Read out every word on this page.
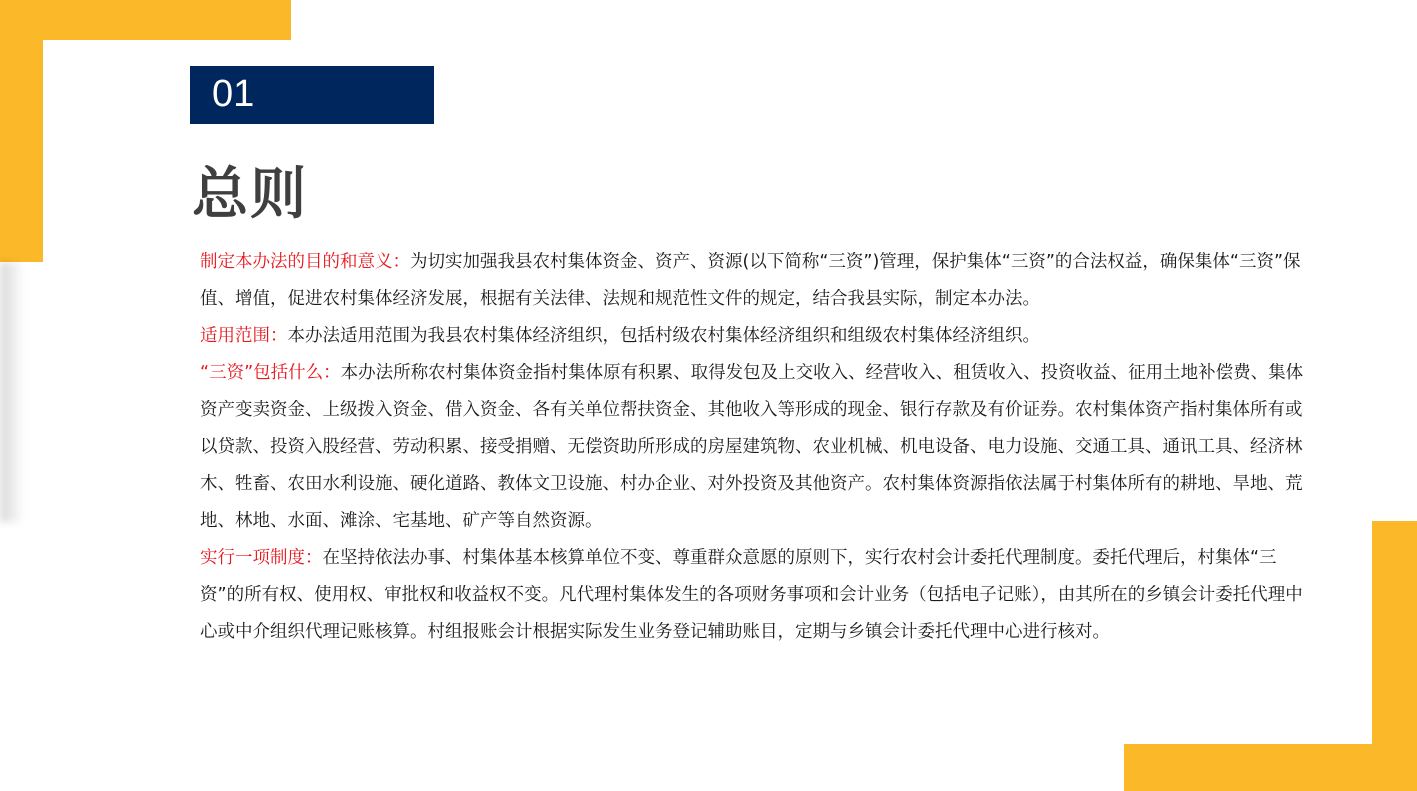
01
总则

制定本办法的目的和意义：为切实加强我县农村集体资金、资产、资源(以下简称“三资”)管理，保护集体“三资”的合法权益，确保集体“三资”保值、增值，促进农村集体经济发展，根据有关法律、法规和规范性文件的规定，结合我县实际，制定本办法。

适用范围：本办法适用范围为我县农村集体经济组织，包括村级农村集体经济组织和组级农村集体经济组织。

“三资”包括什么：本办法所称农村集体资金指村集体原有积累、取得发包及上交收入、经营收入、租赁收入、投资收益、征用土地补偿费、集体资产变卖资金、上级拨入资金、借入资金、各有关单位帮扶资金、其他收入等形成的现金、银行存款及有价证券。农村集体资产指村集体所有或以贷款、投资入股经营、劳动积累、接受捐赠、无偿资助所形成的房屋建筑物、农业机械、机电设备、电力设施、交通工具、通讯工具、经济林木、牲畜、农田水利设施、硬化道路、教体文卫设施、村办企业、对外投资及其他资产。农村集体资源指依法属于村集体所有的耕地、旱地、荒地、林地、水面、滩涂、宅基地、矿产等自然资源。

实行一项制度：在坚持依法办事、村集体基本核算单位不变、尊重群众意愿的原则下，实行农村会计委托代理制度。委托代理后，村集体“三资”的所有权、使用权、审批权和收益权不变。凡代理村集体发生的各项财务事项和会计业务（包括电子记账），由其所在的乡镇会计委托代理中心或中介组织代理记账核算。村组报账会计根据实际发生业务登记辅助账目，定期与乡镇会计委托代理中心进行核对。
